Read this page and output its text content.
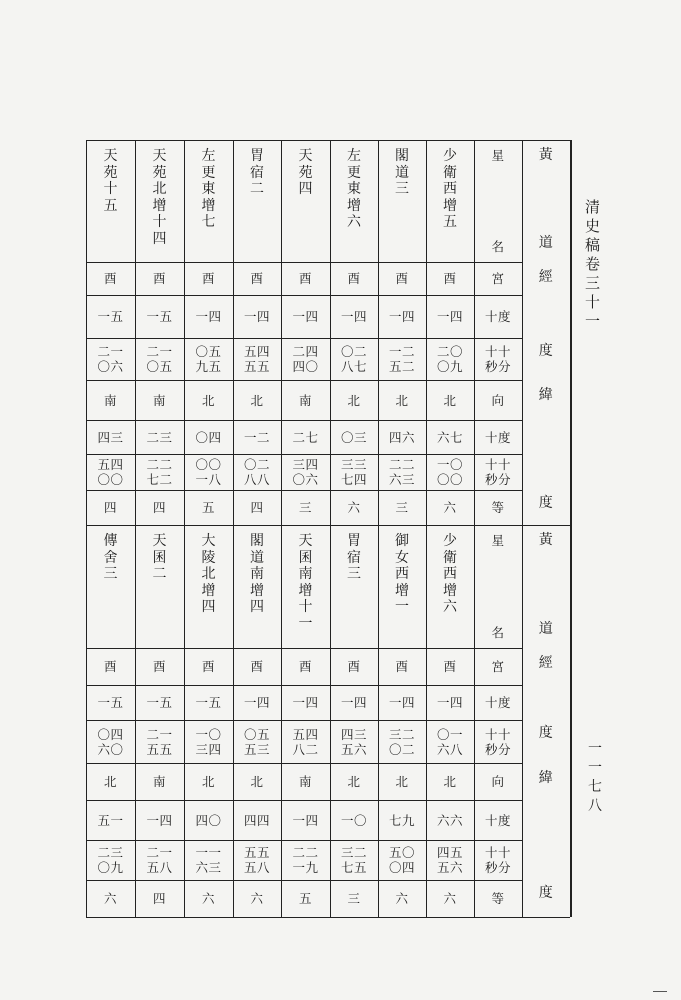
清
史
稿
卷
三
十
一
一
一
七
八
少
衛
西
增
五
酉
一四
二〇
〇九
北
六七
一〇
〇〇
六
閣
道
三
酉
一四
一二
五二
北
四六
二二
六三
三
左
更
東
增
六
酉
一四
〇二
八七
北
〇三
三三
七四
六
天
苑
四
酉
一四
二四
四〇
南
二七
三四
〇六
三
胃
宿
二
酉
一四
五四
五五
北
一二
〇二
八八
四
左
更
東
增
七
酉
一四
〇五
九五
北
〇四
〇〇
一八
五
天
苑
北
增
十
四
酉
一五
二一
〇五
南
二三
二二
七二
四
天
苑
十
五
酉
一五
二一
〇六
南
四三
五四
〇〇
四
星
名
宮
十度
十十
秒分
向
十度
十十
秒分
等
黃
道
經
度
緯
度
少
衛
西
增
六
酉
一四
〇一
六八
北
六六
四五
五六
六
御
女
西
增
一
酉
一四
三二
〇二
北
七九
五〇
〇四
六
胃
宿
三
酉
一四
四三
五六
北
一〇
三二
七五
三
天
囷
南
增
十
一
酉
一四
五四
八二
南
一四
二二
一九
五
閣
道
南
增
四
酉
一四
〇五
五三
北
四四
五五
五八
六
大
陵
北
增
四
酉
一五
一〇
三四
北
四〇
一一
六三
六
天
囷
二
酉
一五
二一
五五
南
一四
二一
五八
四
傳
舍
三
酉
一五
〇四
六〇
北
五一
二三
〇九
六
星
名
宮
十度
十十
秒分
向
十度
十十
秒分
等
黃
道
經
度
緯
度
